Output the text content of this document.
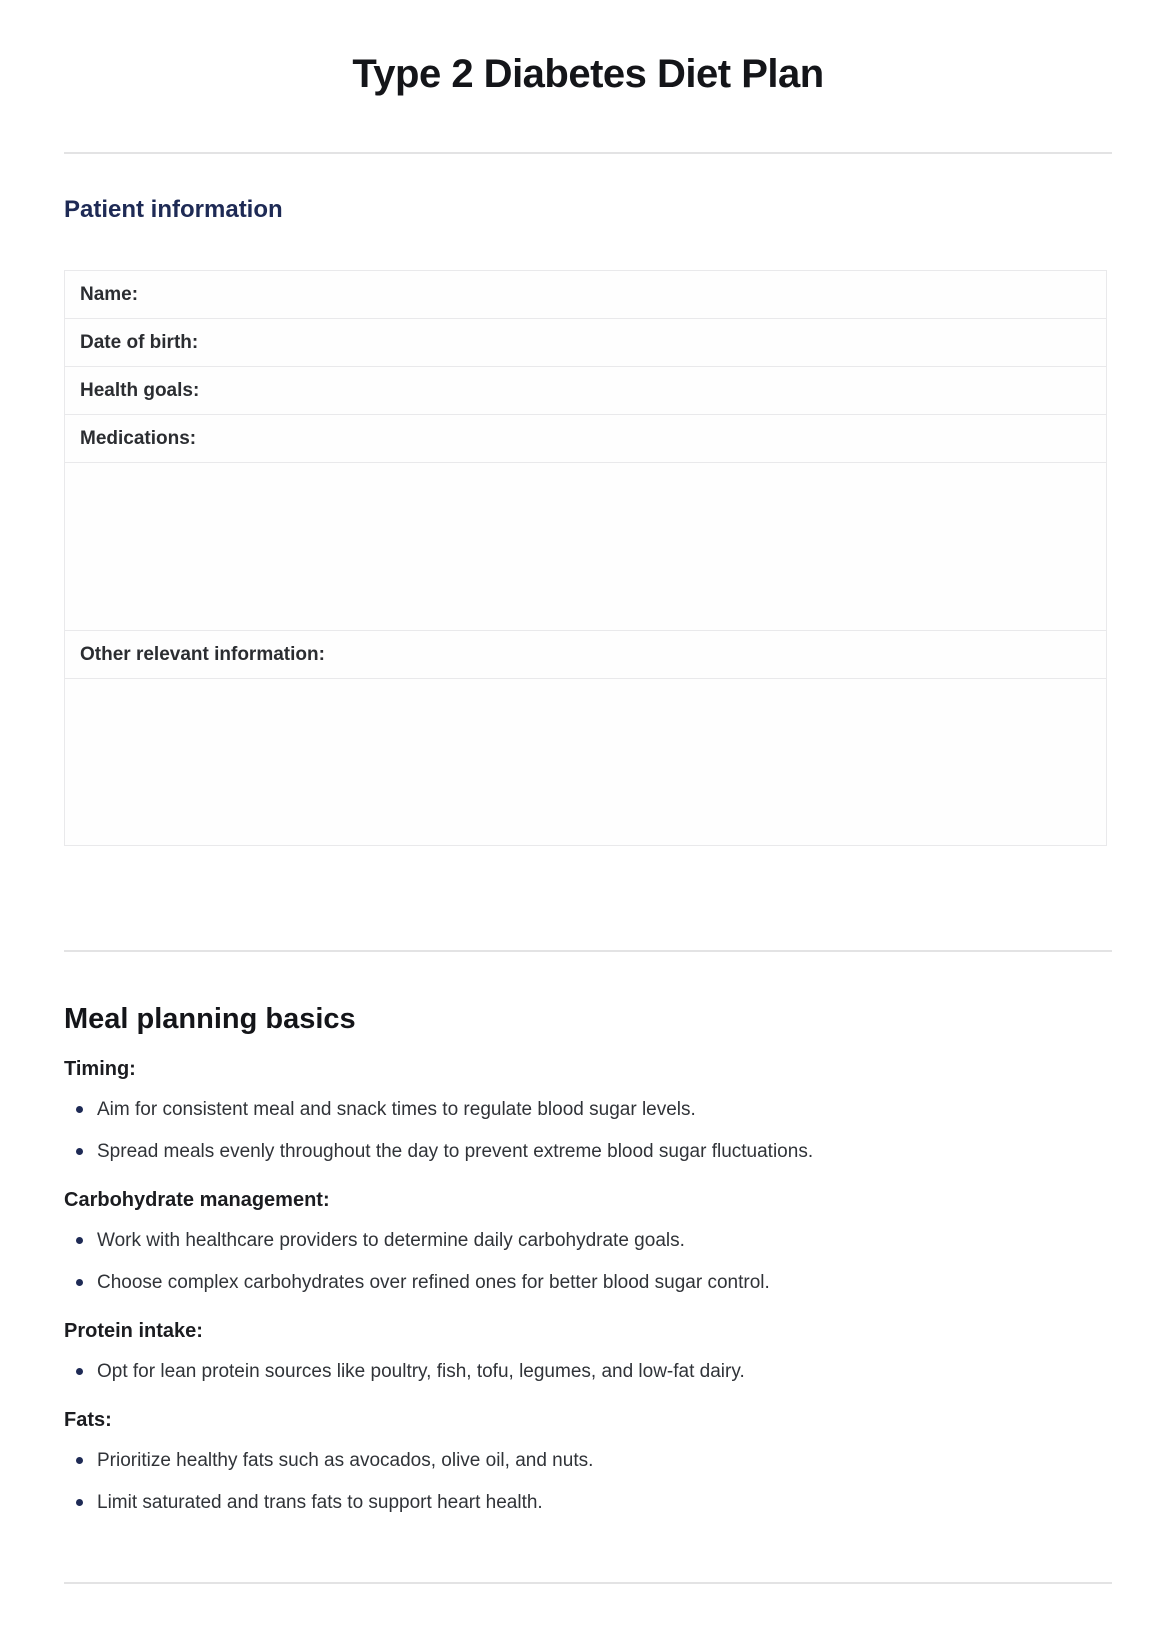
Type 2 Diabetes Diet Plan
Patient information
Name:
Date of birth:
Health goals:
Medications:
Other relevant information:
Meal planning basics
Timing:
Aim for consistent meal and snack times to regulate blood sugar levels.
Spread meals evenly throughout the day to prevent extreme blood sugar fluctuations.
Carbohydrate management:
Work with healthcare providers to determine daily carbohydrate goals.
Choose complex carbohydrates over refined ones for better blood sugar control.
Protein intake:
Opt for lean protein sources like poultry, fish, tofu, legumes, and low-fat dairy.
Fats:
Prioritize healthy fats such as avocados, olive oil, and nuts.
Limit saturated and trans fats to support heart health.
